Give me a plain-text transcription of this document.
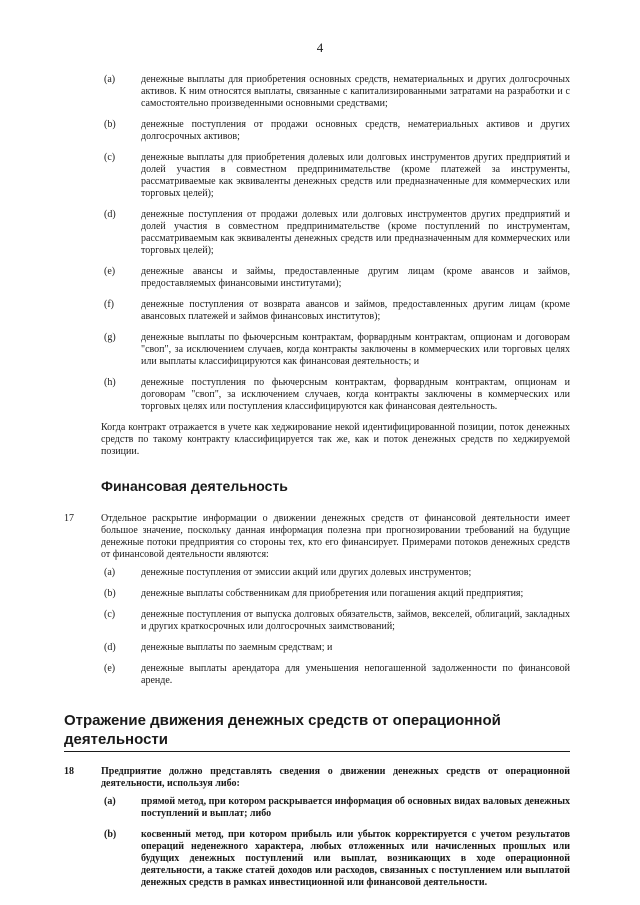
4
(a)	денежные выплаты для приобретения основных средств, нематериальных и других долгосрочных активов. К ним относятся выплаты, связанные с капитализированными затратами на разработки и с самостоятельно произведенными основными средствами;
(b)	денежные поступления от продажи основных средств, нематериальных активов и других долгосрочных активов;
(c)	денежные выплаты для приобретения долевых или долговых инструментов других предприятий и долей участия в совместном предпринимательстве (кроме платежей за инструменты, рассматриваемые как эквиваленты денежных средств или предназначенные для коммерческих или торговых целей);
(d)	денежные поступления от продажи долевых или долговых инструментов других предприятий и долей участия в совместном предпринимательстве (кроме поступлений по инструментам, рассматриваемым как эквиваленты денежных средств или предназначенным для коммерческих или торговых целей);
(e)	денежные авансы и займы, предоставленные другим лицам (кроме авансов и займов, предоставляемых финансовыми институтами);
(f)	денежные поступления от возврата авансов и займов, предоставленных другим лицам (кроме авансовых платежей и займов финансовых институтов);
(g)	денежные выплаты по фьючерсным контрактам, форвардным контрактам, опционам и договорам "своп", за исключением случаев, когда контракты заключены в коммерческих или торговых целях или выплаты классифицируются как финансовая деятельность; и
(h)	денежные поступления по фьючерсным контрактам, форвардным контрактам, опционам и договорам "своп", за исключением случаев, когда контракты заключены в коммерческих или торговых целях или поступления классифицируются как финансовая деятельность.
Когда контракт отражается в учете как хеджирование некой идентифицированной позиции, поток денежных средств по такому контракту классифицируется так же, как и поток денежных средств по хеджируемой позиции.
Финансовая деятельность
17	Отдельное раскрытие информации о движении денежных средств от финансовой деятельности имеет большое значение, поскольку данная информация полезна при прогнозировании требований на будущие денежные потоки предприятия со стороны тех, кто его финансирует. Примерами потоков денежных средств от финансовой деятельности являются:
(a)	денежные поступления от эмиссии акций или других долевых инструментов;
(b)	денежные выплаты собственникам для приобретения или погашения акций предприятия;
(c)	денежные поступления от выпуска долговых обязательств, займов, векселей, облигаций, закладных и других краткосрочных или долгосрочных заимствований;
(d)	денежные выплаты по заемным средствам; и
(e)	денежные выплаты арендатора для уменьшения непогашенной задолженности по финансовой аренде.
Отражение движения денежных средств от операционной деятельности
18	Предприятие должно представлять сведения о движении денежных средств от операционной деятельности, используя либо:
(a)	прямой метод, при котором раскрывается информация об основных видах валовых денежных поступлений и выплат; либо
(b)	косвенный метод, при котором прибыль или убыток корректируется с учетом результатов операций неденежного характера, любых отложенных или начисленных прошлых или будущих денежных поступлений или выплат, возникающих в ходе операционной деятельности, а также статей доходов или расходов, связанных с поступлением или выплатой денежных средств в рамках инвестиционной или финансовой деятельности.
